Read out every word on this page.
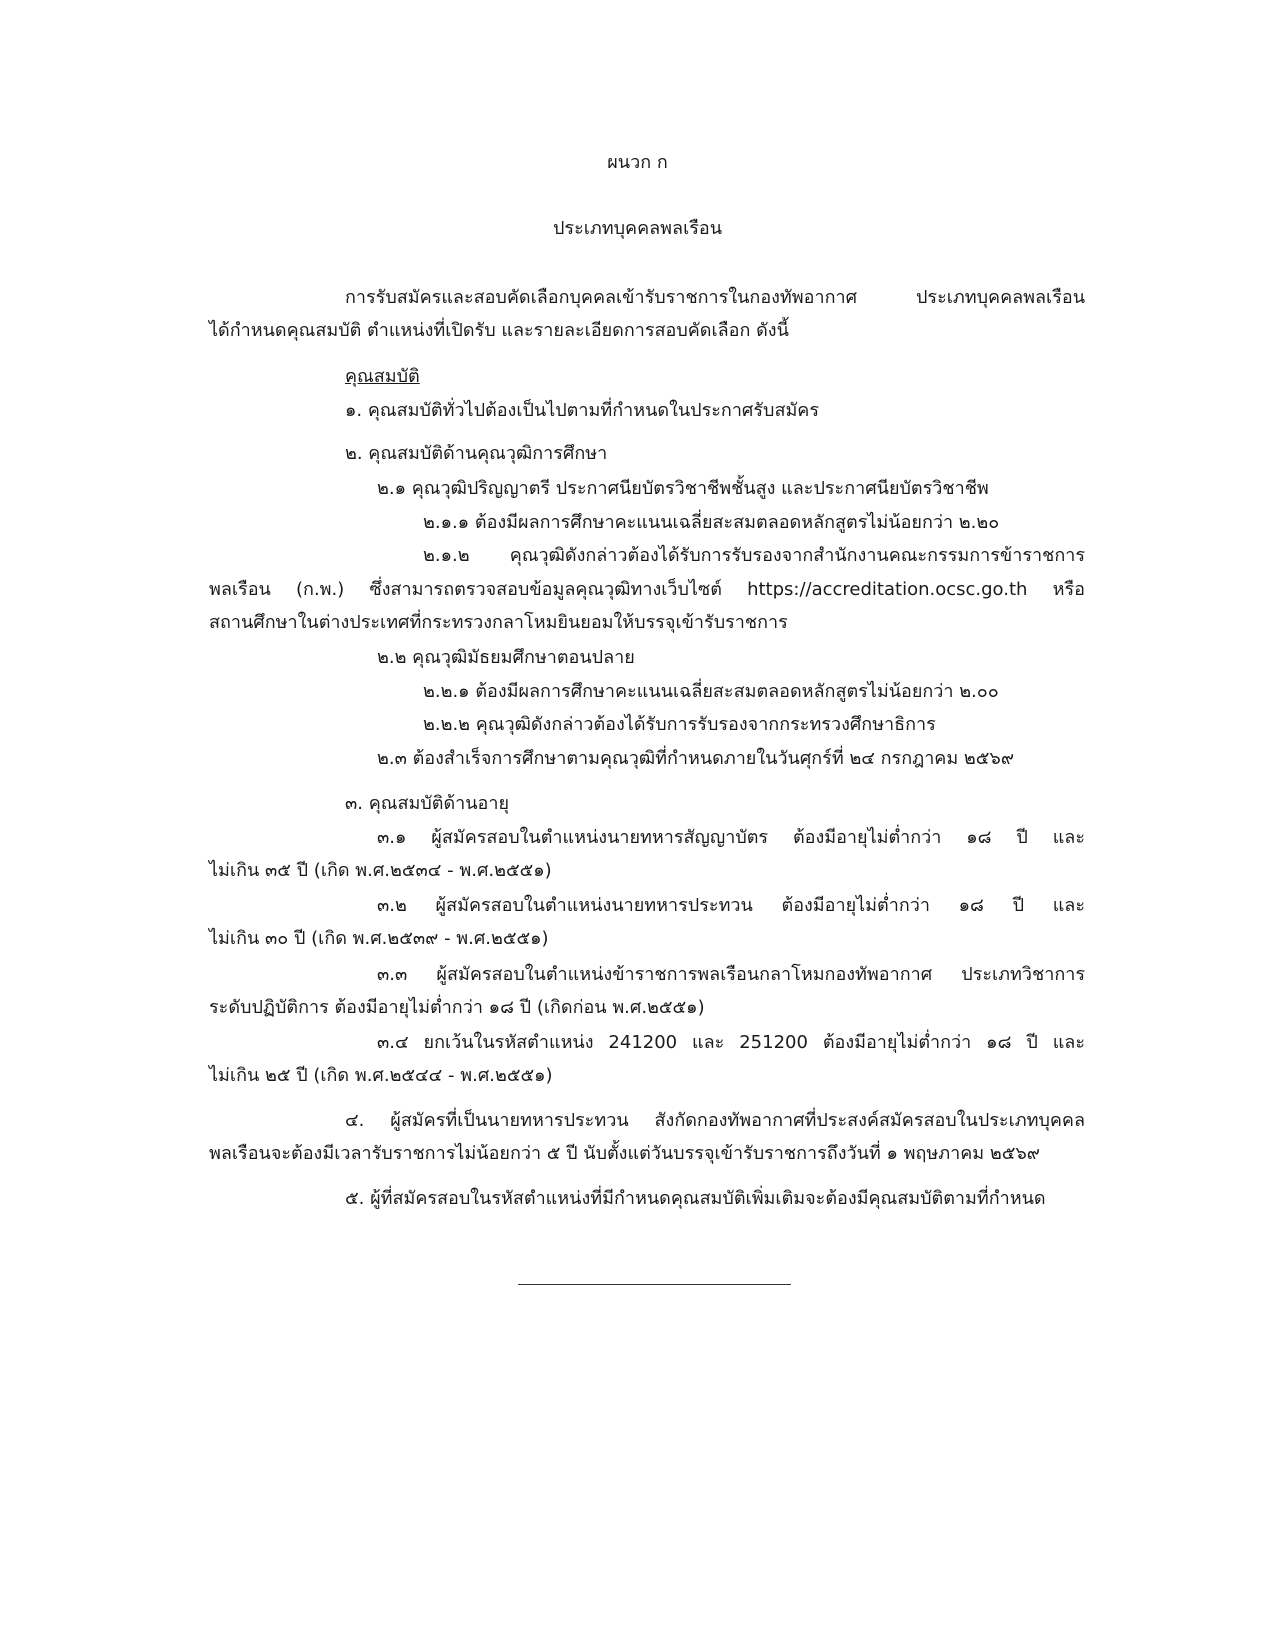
ผนวก ก
ประเภทบุคคลพลเรือน
การรับสมัครและสอบคัดเลือกบุคคลเข้ารับราชการในกองทัพอากาศ ประเภทบุคคลพลเรือน
ได้กำหนดคุณสมบัติ ตำแหน่งที่เปิดรับ และรายละเอียดการสอบคัดเลือก ดังนี้
คุณสมบัติ
๑. คุณสมบัติทั่วไปต้องเป็นไปตามที่กำหนดในประกาศรับสมัคร
๒. คุณสมบัติด้านคุณวุฒิการศึกษา
๒.๑ คุณวุฒิปริญญาตรี ประกาศนียบัตรวิชาชีพชั้นสูง และประกาศนียบัตรวิชาชีพ
๒.๑.๑ ต้องมีผลการศึกษาคะแนนเฉลี่ยสะสมตลอดหลักสูตรไม่น้อยกว่า ๒.๒๐
๒.๑.๒ คุณวุฒิดังกล่าวต้องได้รับการรับรองจากสำนักงานคณะกรรมการข้าราชการ
พลเรือน (ก.พ.) ซึ่งสามารถตรวจสอบข้อมูลคุณวุฒิทางเว็บไซต์ https://accreditation.ocsc.go.th หรือ
สถานศึกษาในต่างประเทศที่กระทรวงกลาโหมยินยอมให้บรรจุเข้ารับราชการ
๒.๒ คุณวุฒิมัธยมศึกษาตอนปลาย
๒.๒.๑ ต้องมีผลการศึกษาคะแนนเฉลี่ยสะสมตลอดหลักสูตรไม่น้อยกว่า ๒.๐๐
๒.๒.๒ คุณวุฒิดังกล่าวต้องได้รับการรับรองจากกระทรวงศึกษาธิการ
๒.๓ ต้องสำเร็จการศึกษาตามคุณวุฒิที่กำหนดภายในวันศุกร์ที่ ๒๔ กรกฎาคม ๒๕๖๙
๓. คุณสมบัติด้านอายุ
๓.๑ ผู้สมัครสอบในตำแหน่งนายทหารสัญญาบัตร ต้องมีอายุไม่ต่ำกว่า ๑๘ ปี และ
ไม่เกิน ๓๕ ปี (เกิด พ.ศ.๒๕๓๔ - พ.ศ.๒๕๕๑)
๓.๒ ผู้สมัครสอบในตำแหน่งนายทหารประทวน ต้องมีอายุไม่ต่ำกว่า ๑๘ ปี และ
ไม่เกิน ๓๐ ปี (เกิด พ.ศ.๒๕๓๙ - พ.ศ.๒๕๕๑)
๓.๓ ผู้สมัครสอบในตำแหน่งข้าราชการพลเรือนกลาโหมกองทัพอากาศ ประเภทวิชาการ
ระดับปฏิบัติการ ต้องมีอายุไม่ต่ำกว่า ๑๘ ปี (เกิดก่อน พ.ศ.๒๕๕๑)
๓.๔ ยกเว้นในรหัสตำแหน่ง 241200 และ 251200 ต้องมีอายุไม่ต่ำกว่า ๑๘ ปี และ
ไม่เกิน ๒๕ ปี (เกิด พ.ศ.๒๕๔๔ - พ.ศ.๒๕๕๑)
๔. ผู้สมัครที่เป็นนายทหารประทวน สังกัดกองทัพอากาศที่ประสงค์สมัครสอบในประเภทบุคคล
พลเรือนจะต้องมีเวลารับราชการไม่น้อยกว่า ๕ ปี นับตั้งแต่วันบรรจุเข้ารับราชการถึงวันที่ ๑ พฤษภาคม ๒๕๖๙
๕. ผู้ที่สมัครสอบในรหัสตำแหน่งที่มีกำหนดคุณสมบัติเพิ่มเติมจะต้องมีคุณสมบัติตามที่กำหนด
